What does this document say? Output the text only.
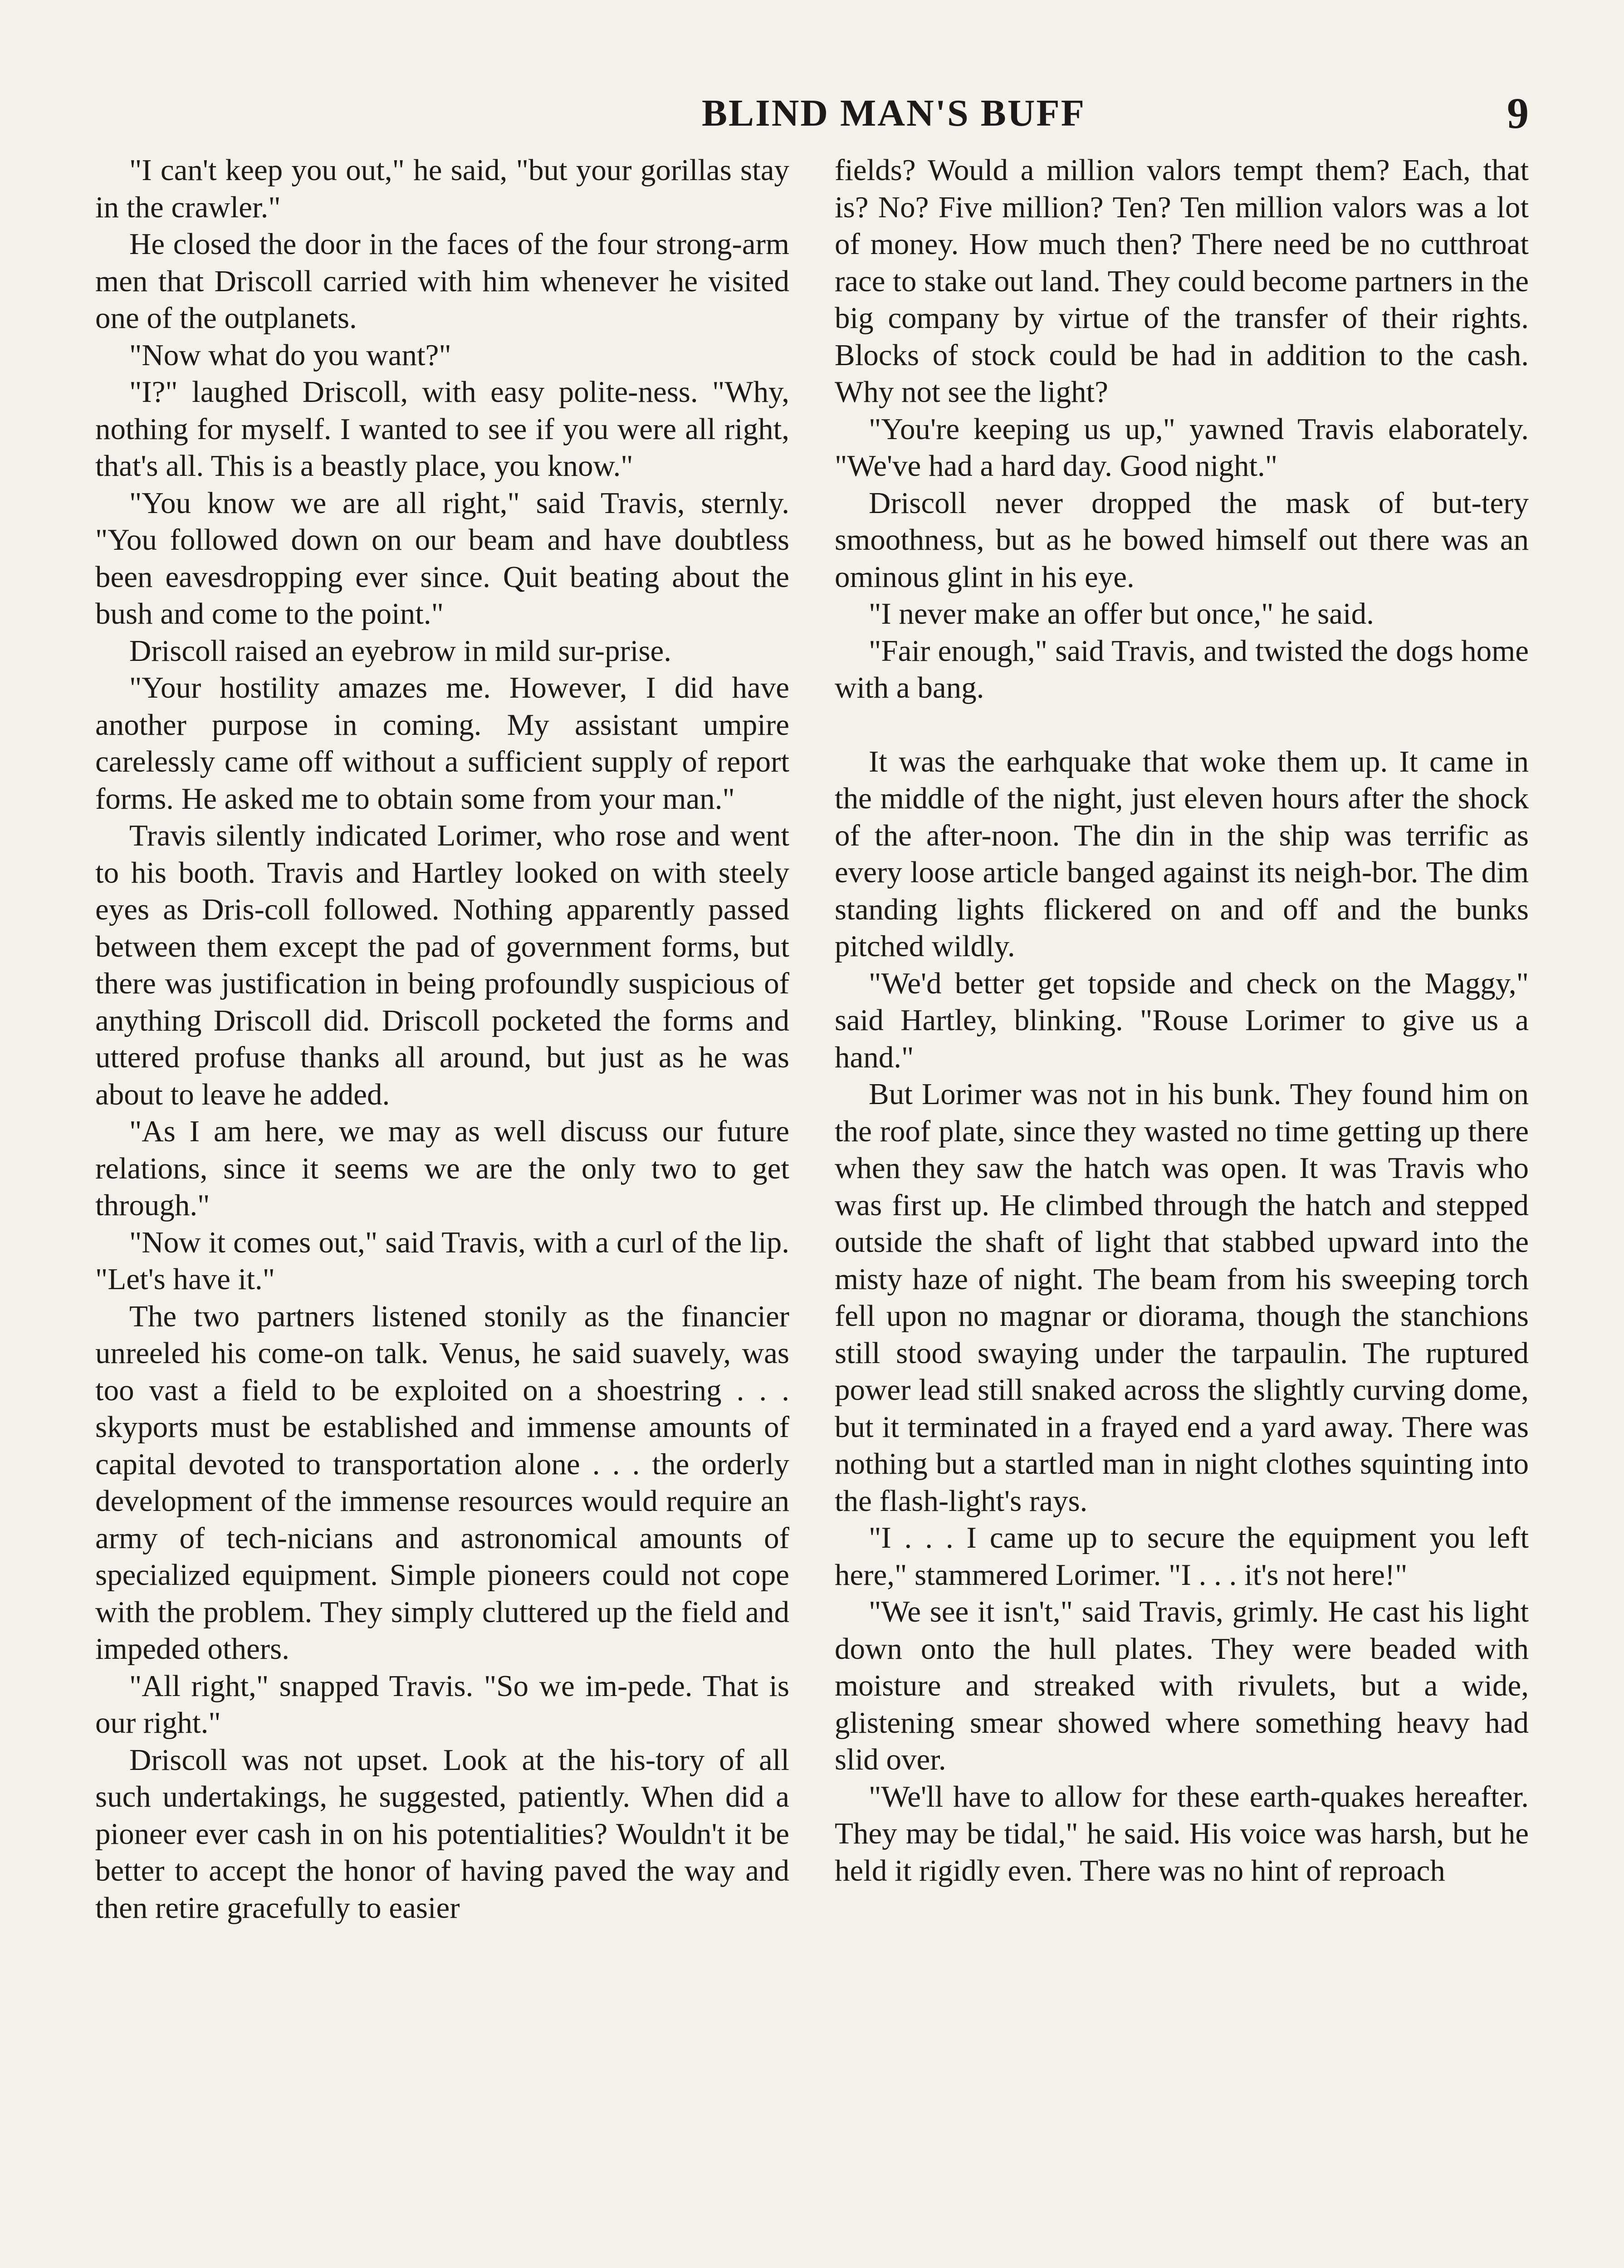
BLIND MAN'S BUFF	9

"I can't keep you out," he said, "but your gorillas stay in the crawler."

He closed the door in the faces of the four strong-arm men that Driscoll carried with him whenever he visited one of the outplanets.

"Now what do you want?"

"I?" laughed Driscoll, with easy polite-ness. "Why, nothing for myself. I wanted to see if you were all right, that's all. This is a beastly place, you know."

"You know we are all right," said Travis, sternly. "You followed down on our beam and have doubtless been eavesdropping ever since. Quit beating about the bush and come to the point."

Driscoll raised an eyebrow in mild sur-prise.

"Your hostility amazes me. However, I did have another purpose in coming. My assistant umpire carelessly came off without a sufficient supply of report forms. He asked me to obtain some from your man."

Travis silently indicated Lorimer, who rose and went to his booth. Travis and Hartley looked on with steely eyes as Dris-coll followed. Nothing apparently passed between them except the pad of government forms, but there was justification in being profoundly suspicious of anything Driscoll did. Driscoll pocketed the forms and uttered profuse thanks all around, but just as he was about to leave he added.

"As I am here, we may as well discuss our future relations, since it seems we are the only two to get through."

"Now it comes out," said Travis, with a curl of the lip. "Let's have it."

The two partners listened stonily as the financier unreeled his come-on talk. Venus, he said suavely, was too vast a field to be exploited on a shoestring . . . skyports must be established and immense amounts of capital devoted to transportation alone . . . the orderly development of the immense resources would require an army of tech-nicians and astronomical amounts of specialized equipment. Simple pioneers could not cope with the problem. They simply cluttered up the field and impeded others.

"All right," snapped Travis. "So we im-pede. That is our right."

Driscoll was not upset. Look at the his-tory of all such undertakings, he suggested, patiently. When did a pioneer ever cash in on his potentialities? Wouldn't it be better to accept the honor of having paved the way and then retire gracefully to easier

fields? Would a million valors tempt them? Each, that is? No? Five million? Ten? Ten million valors was a lot of money. How much then? There need be no cutthroat race to stake out land. They could become partners in the big company by virtue of the transfer of their rights. Blocks of stock could be had in addition to the cash. Why not see the light?

"You're keeping us up," yawned Travis elaborately. "We've had a hard day. Good night."

Driscoll never dropped the mask of but-tery smoothness, but as he bowed himself out there was an ominous glint in his eye.

"I never make an offer but once," he said.

"Fair enough," said Travis, and twisted the dogs home with a bang.

It was the earhquake that woke them up. It came in the middle of the night, just eleven hours after the shock of the after-noon. The din in the ship was terrific as every loose article banged against its neigh-bor. The dim standing lights flickered on and off and the bunks pitched wildly.

"We'd better get topside and check on the Maggy," said Hartley, blinking. "Rouse Lorimer to give us a hand."

But Lorimer was not in his bunk. They found him on the roof plate, since they wasted no time getting up there when they saw the hatch was open. It was Travis who was first up. He climbed through the hatch and stepped outside the shaft of light that stabbed upward into the misty haze of night. The beam from his sweeping torch fell upon no magnar or diorama, though the stanchions still stood swaying under the tarpaulin. The ruptured power lead still snaked across the slightly curving dome, but it terminated in a frayed end a yard away. There was nothing but a startled man in night clothes squinting into the flash-light's rays.

"I . . . I came up to secure the equipment you left here," stammered Lorimer. "I . . . it's not here!"

"We see it isn't," said Travis, grimly. He cast his light down onto the hull plates. They were beaded with moisture and streaked with rivulets, but a wide, glistening smear showed where something heavy had slid over.

"We'll have to allow for these earth-quakes hereafter. They may be tidal," he said. His voice was harsh, but he held it rigidly even. There was no hint of reproach
